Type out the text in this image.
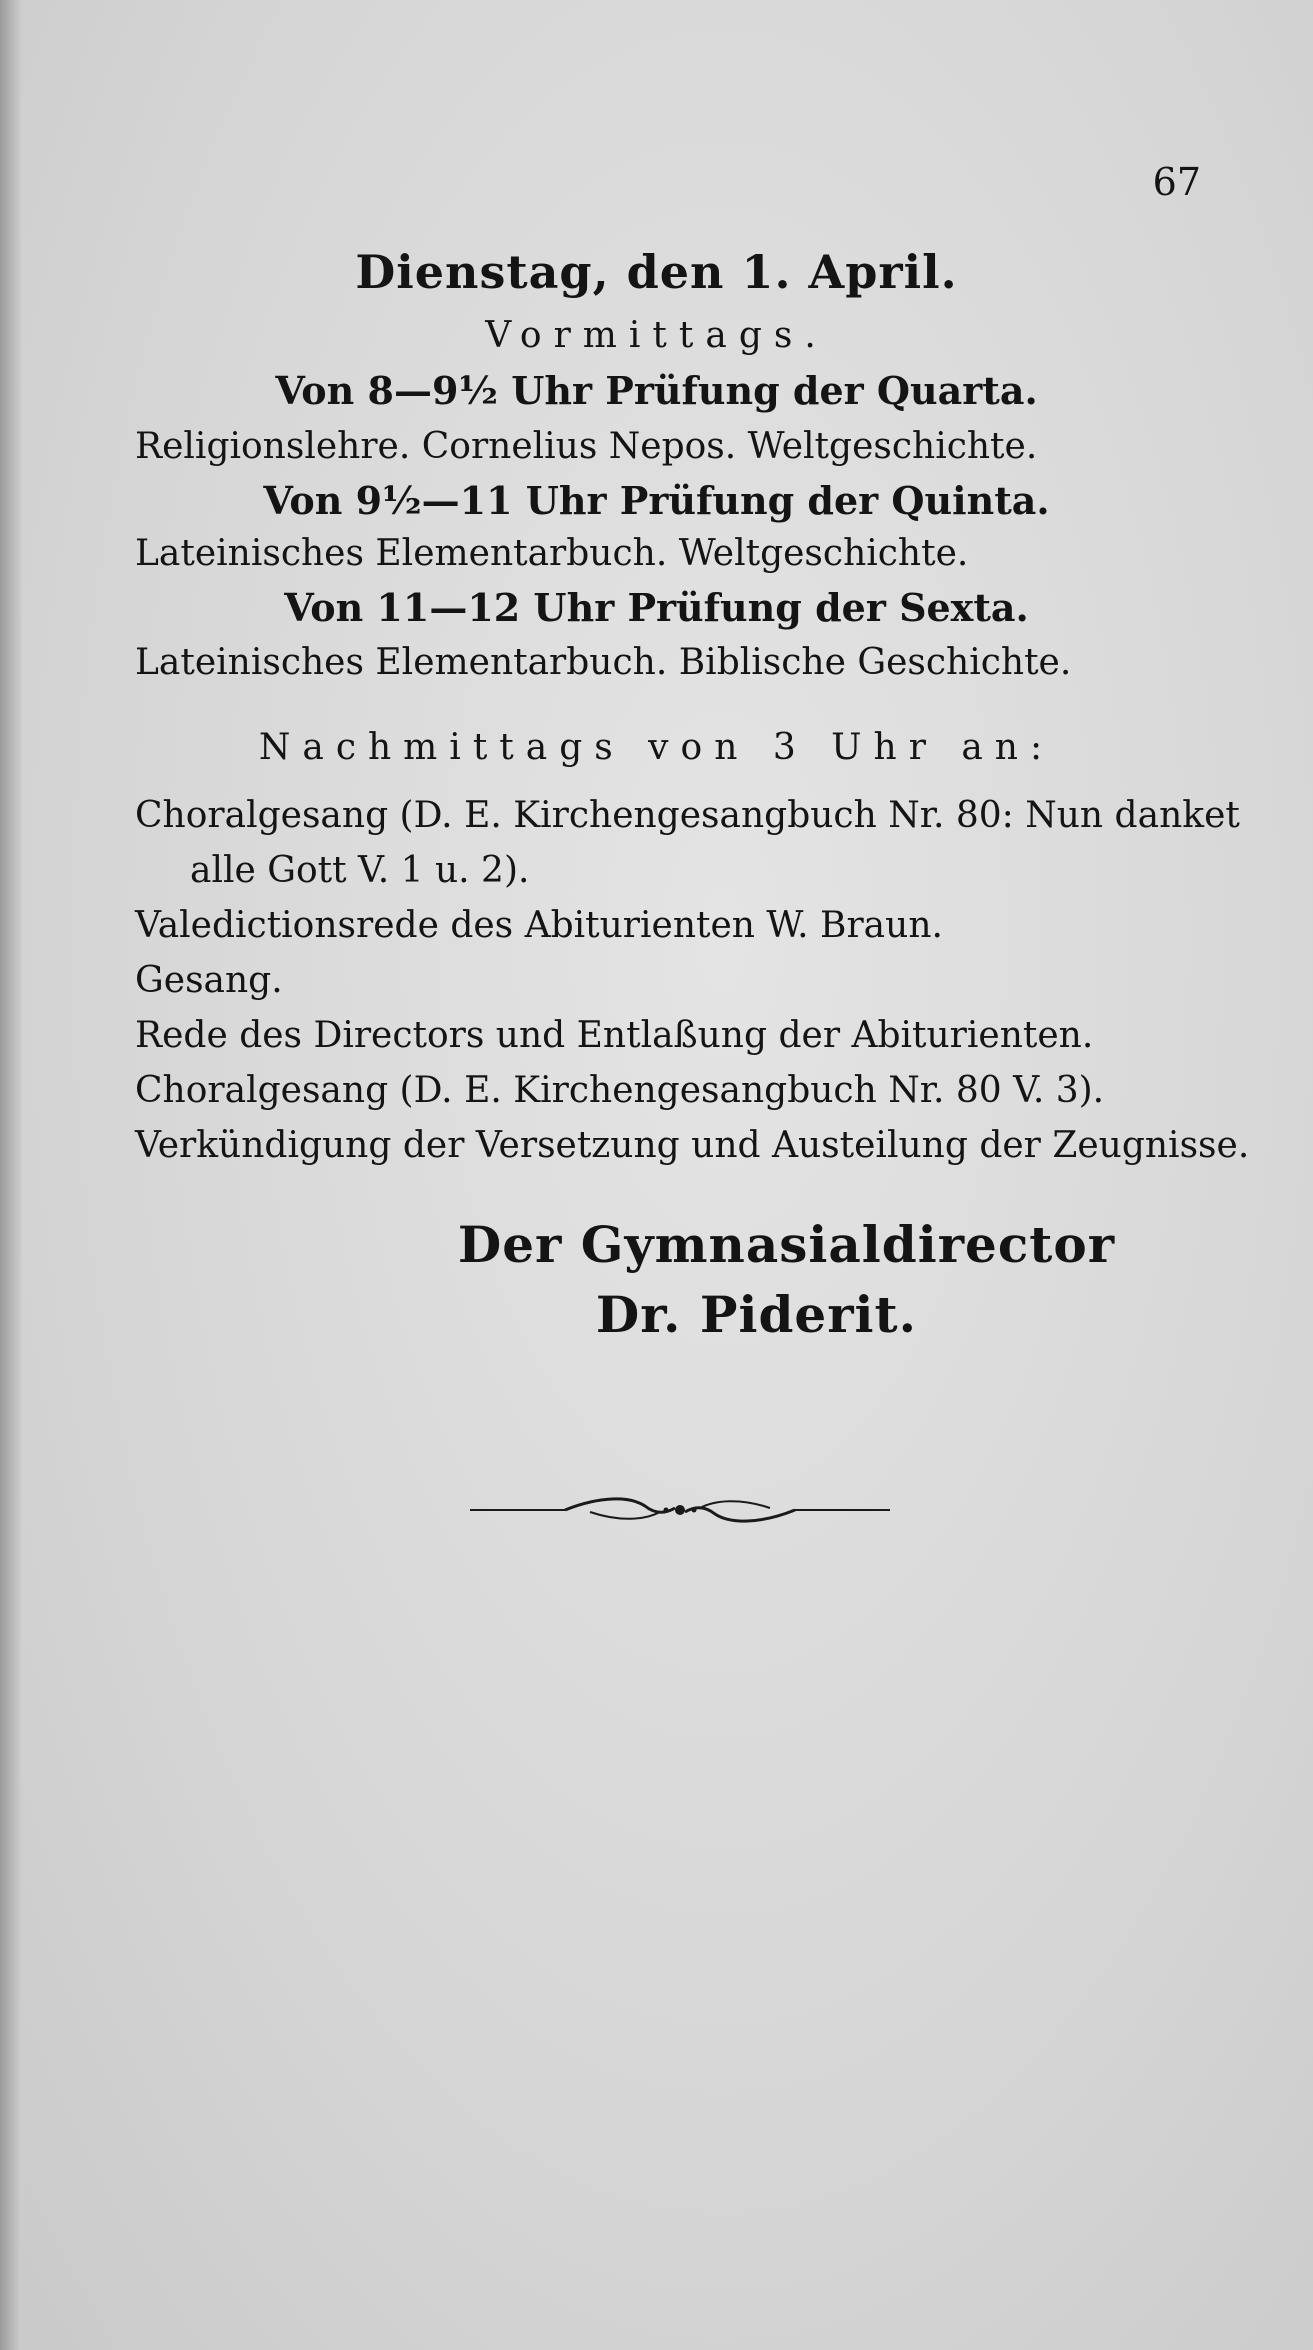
67
Dienstag, den 1. April.
Vormittags.
Von 8—9½ Uhr Prüfung der Quarta.
Religionslehre. Cornelius Nepos. Weltgeschichte.
Von 9½—11 Uhr Prüfung der Quinta.
Lateinisches Elementarbuch. Weltgeschichte.
Von 11—12 Uhr Prüfung der Sexta.
Lateinisches Elementarbuch. Biblische Geschichte.
Nachmittags von 3 Uhr an:
Choralgesang (D. E. Kirchengesangbuch Nr. 80: Nun danket
alle Gott V. 1 u. 2).
Valedictionsrede des Abiturienten W. Braun.
Gesang.
Rede des Directors und Entlaßung der Abiturienten.
Choralgesang (D. E. Kirchengesangbuch Nr. 80 V. 3).
Verkündigung der Versetzung und Austeilung der Zeugnisse.
Der Gymnasialdirector
Dr. Piderit.
